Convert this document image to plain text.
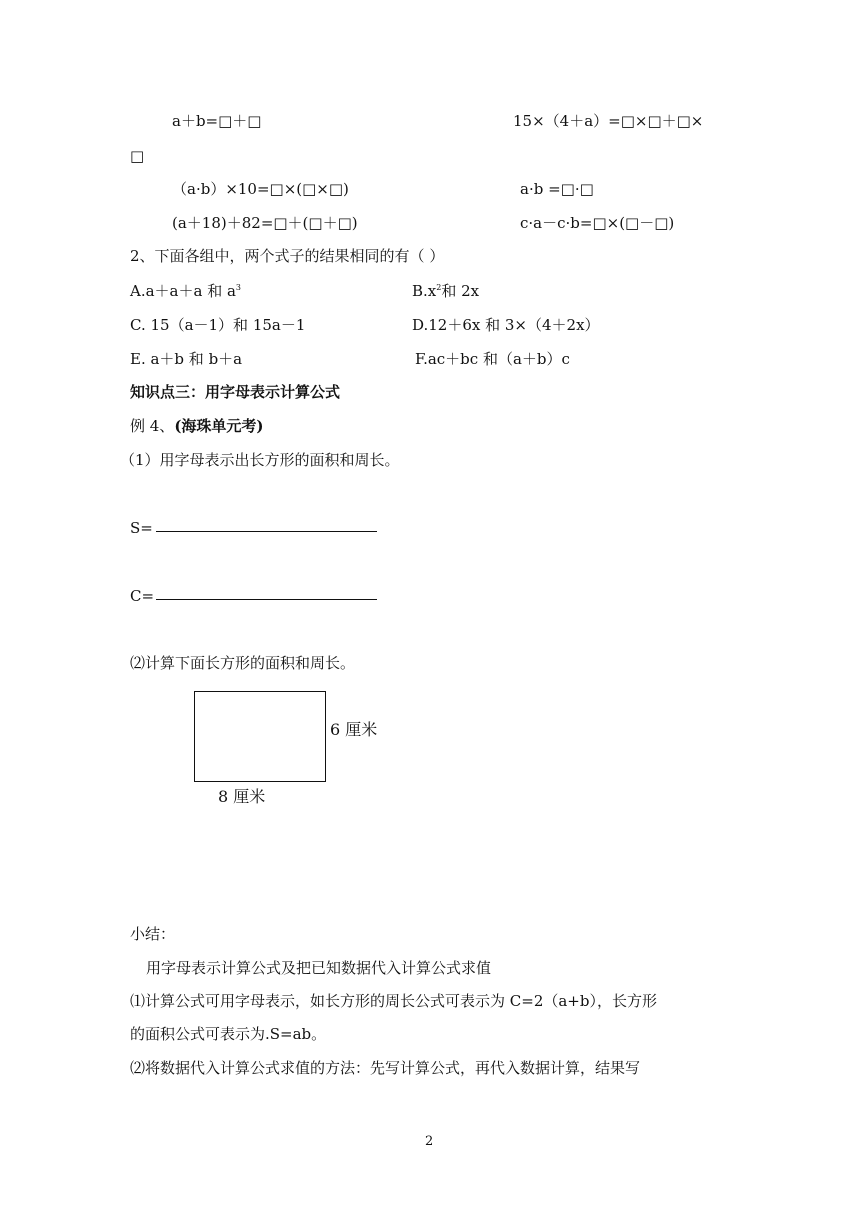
a＋b=□＋□	15×（4＋a）=□×□＋□×
□
（a·b）×10=□×(□×□)	a·b =□·□
(a＋18)＋82=□＋(□＋□)	c·a－c·b=□×(□－□)
2、下面各组中，两个式子的结果相同的有（ ）
A.a＋a＋a 和 $a^3$	$B.x^2$和 2x
C. 15（a－1）和 15a－1	D.12＋6x 和 3×（4＋2x）
E. a＋b 和 b＋a	F.ac＋bc 和（a＋b）c
知识点三：用字母表示计算公式
例 4、(海珠单元考)
（1）用字母表示出长方形的面积和周长。
S=
C=
⑵计算下面长方形的面积和周长。
6 厘米
8 厘米
小结：
用字母表示计算公式及把已知数据代入计算公式求值
⑴计算公式可用字母表示，如长方形的周长公式可表示为 C=2（a+b），长方形
的面积公式可表示为.S=ab。
⑵将数据代入计算公式求值的方法：先写计算公式，再代入数据计算，结果写
2
